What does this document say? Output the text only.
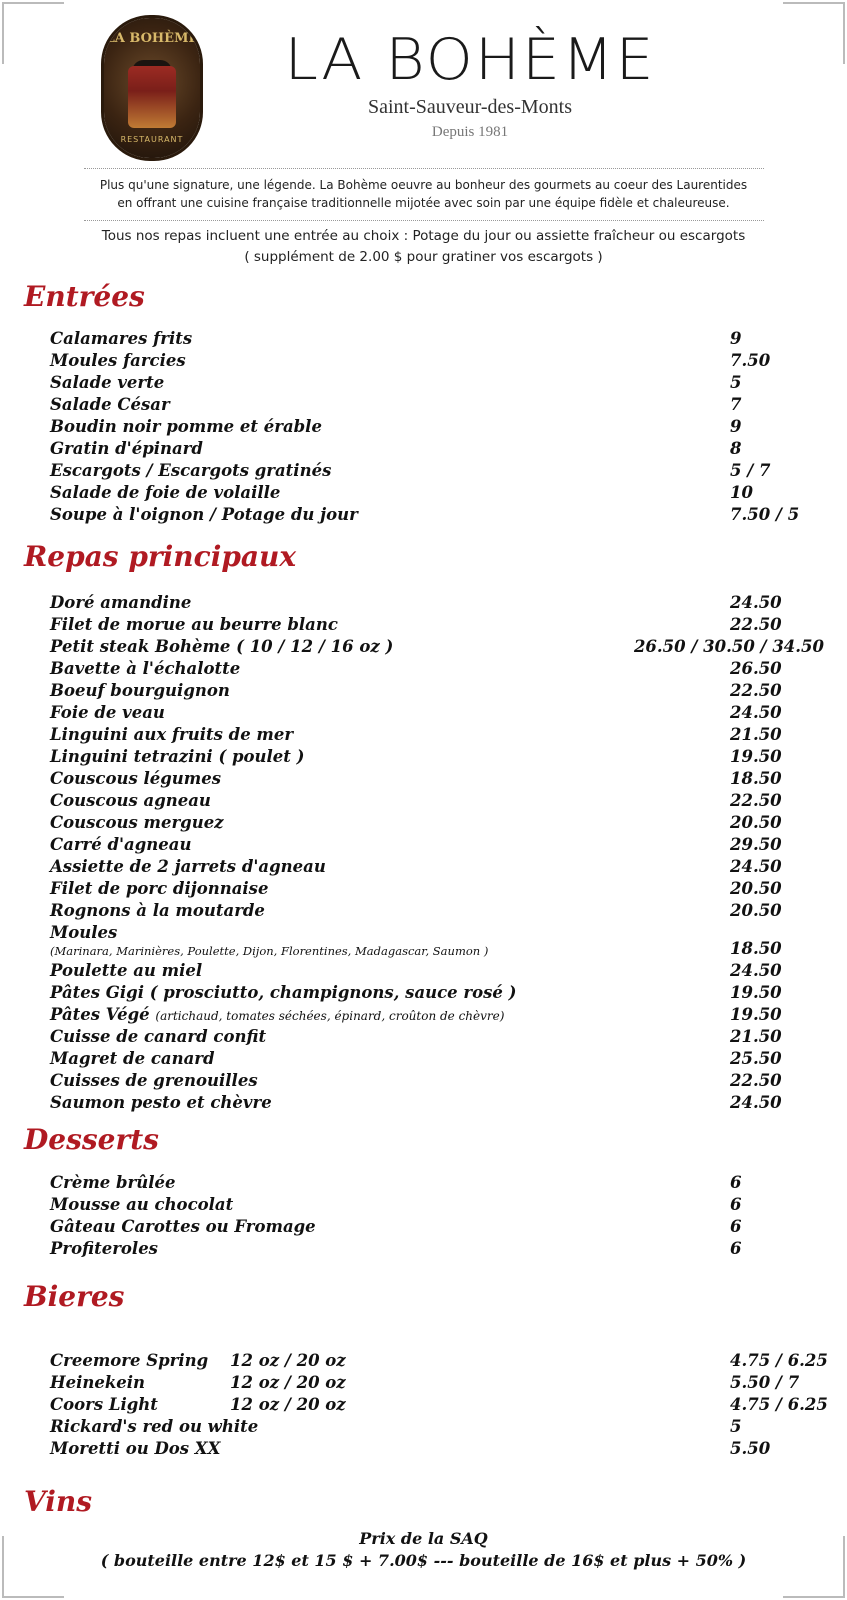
LA BOHÈME
RESTAURANT
LA BOHÈME
Saint-Sauveur-des-Monts
Depuis 1981
Plus qu'une signature, une légende. La Bohème oeuvre au bonheur des gourmets au coeur des Laurentides
en offrant une cuisine française traditionnelle mijotée avec soin par une équipe fidèle et chaleureuse.
Tous nos repas incluent une entrée au choix : Potage du jour ou assiette fraîcheur ou escargots
( supplément de 2.00 $ pour gratiner vos escargots )
Entrées
Calamares frits	9
Moules farcies	7.50
Salade verte	5
Salade César	7
Boudin noir pomme et érable	9
Gratin d'épinard	8
Escargots / Escargots gratinés	5 / 7
Salade de foie de volaille	10
Soupe à l'oignon / Potage du jour	7.50 / 5
Repas principaux
Doré amandine	24.50
Filet de morue au beurre blanc	22.50
Petit steak Bohème ( 10 / 12 / 16 oz )	26.50 / 30.50 / 34.50
Bavette à l'échalotte	26.50
Boeuf bourguignon	22.50
Foie de veau	24.50
Linguini aux fruits de mer	21.50
Linguini tetrazini ( poulet )	19.50
Couscous légumes	18.50
Couscous agneau	22.50
Couscous merguez	20.50
Carré d'agneau	29.50
Assiette de 2 jarrets d'agneau	24.50
Filet de porc dijonnaise	20.50
Rognons à la moutarde	20.50
Moules
(Marinara, Marinières, Poulette, Dijon, Florentines, Madagascar, Saumon )	18.50
Poulette au miel	24.50
Pâtes Gigi ( prosciutto, champignons, sauce rosé )	19.50
Pâtes Végé (artichaud, tomates séchées, épinard, croûton de chèvre)	19.50
Cuisse de canard confit	21.50
Magret de canard	25.50
Cuisses de grenouilles	22.50
Saumon pesto et chèvre	24.50
Desserts
Crème brûlée	6
Mousse au chocolat	6
Gâteau Carottes ou Fromage	6
Profiteroles	6
Bieres
Creemore Spring 12 oz / 20 oz	4.75 / 6.25
Heinekein	12 oz / 20 oz	5.50 / 7
Coors Light	12 oz / 20 oz	4.75 / 6.25
Rickard's red ou white	5
Moretti ou Dos XX	5.50
Vins
Prix de la SAQ
( bouteille entre 12$ et 15 $ + 7.00$ --- bouteille de 16$ et plus + 50% )
